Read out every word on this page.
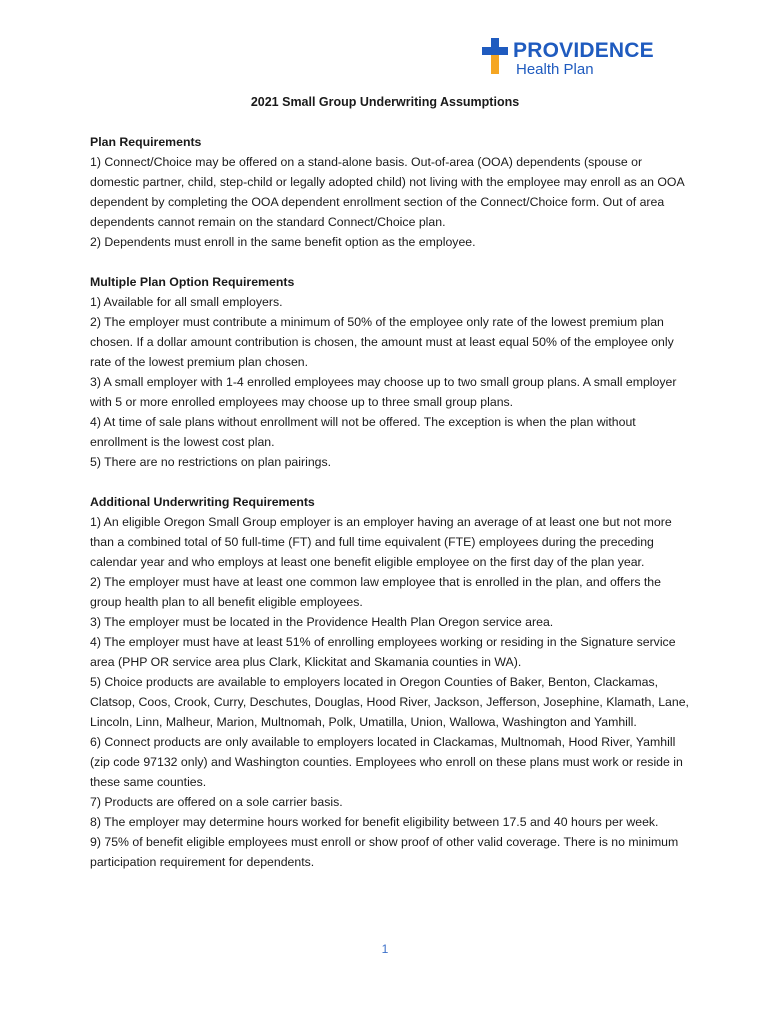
PROVIDENCE
Health Plan
2021 Small Group Underwriting Assumptions

Plan Requirements

1) Connect/Choice may be offered on a stand-alone basis. Out-of-area (OOA) dependents (spouse or domestic partner, child, step-child or legally adopted child) not living with the employee may enroll as an OOA dependent by completing the OOA dependent enrollment section of the Connect/Choice form. Out of area dependents cannot remain on the standard Connect/Choice plan.

2) Dependents must enroll in the same benefit option as the employee.

Multiple Plan Option Requirements

1) Available for all small employers.

2) The employer must contribute a minimum of 50% of the employee only rate of the lowest premium plan chosen. If a dollar amount contribution is chosen, the amount must at least equal 50% of the employee only rate of the lowest premium plan chosen.

3) A small employer with 1-4 enrolled employees may choose up to two small group plans. A small employer with 5 or more enrolled employees may choose up to three small group plans.

4) At time of sale plans without enrollment will not be offered. The exception is when the plan without enrollment is the lowest cost plan.

5) There are no restrictions on plan pairings.

Additional Underwriting Requirements

1) An eligible Oregon Small Group employer is an employer having an average of at least one but not more than a combined total of 50 full-time (FT) and full time equivalent (FTE) employees during the preceding calendar year and who employs at least one benefit eligible employee on the first day of the plan year.

2) The employer must have at least one common law employee that is enrolled in the plan, and offers the group health plan to all benefit eligible employees.

3) The employer must be located in the Providence Health Plan Oregon service area.

4) The employer must have at least 51% of enrolling employees working or residing in the Signature service area (PHP OR service area plus Clark, Klickitat and Skamania counties in WA).

5) Choice products are available to employers located in Oregon Counties of Baker, Benton, Clackamas, Clatsop, Coos, Crook, Curry, Deschutes, Douglas, Hood River, Jackson, Jefferson, Josephine, Klamath, Lane, Lincoln, Linn, Malheur, Marion, Multnomah, Polk, Umatilla, Union, Wallowa, Washington and Yamhill.

6) Connect products are only available to employers located in Clackamas, Multnomah, Hood River, Yamhill (zip code 97132 only) and Washington counties. Employees who enroll on these plans must work or reside in these same counties.

7) Products are offered on a sole carrier basis.

8) The employer may determine hours worked for benefit eligibility between 17.5 and 40 hours per week.

9) 75% of benefit eligible employees must enroll or show proof of other valid coverage. There is no minimum participation requirement for dependents.

1
